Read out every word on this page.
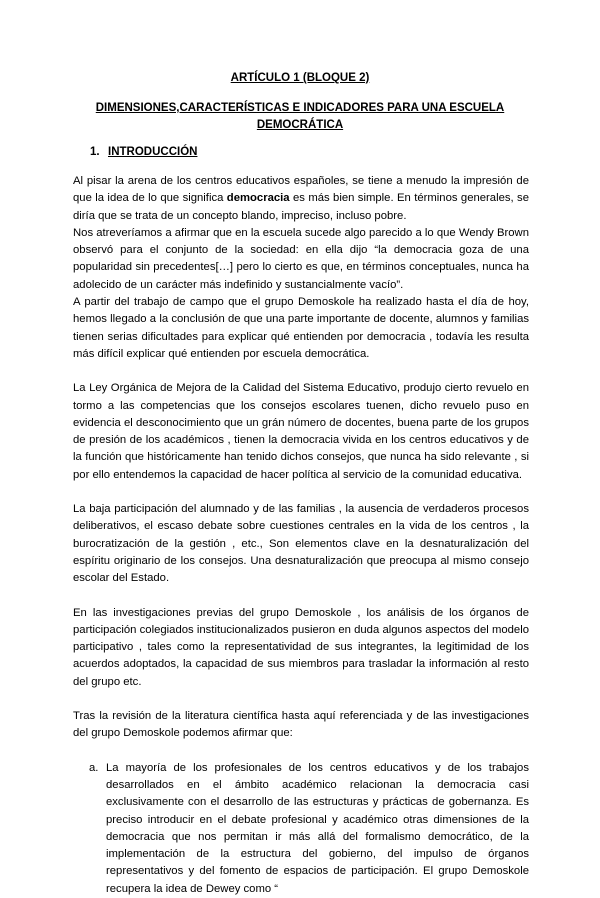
ARTÍCULO 1 (BLOQUE 2)
DIMENSIONES,CARACTERÍSTICAS E INDICADORES PARA UNA ESCUELA
DEMOCRÁTICA
1. INTRODUCCIÓN

Al pisar la arena de los centros educativos españoles, se tiene a menudo la impresión de que la idea de lo que significa democracia es más bien simple. En términos generales, se diría que se trata de un concepto blando, impreciso, incluso pobre.

Nos atreveríamos a afirmar que en la escuela sucede algo parecido a lo que Wendy Brown observó para el conjunto de la sociedad: en ella dijo “la democracia goza de una popularidad sin precedentes[…] pero lo cierto es que, en términos conceptuales, nunca ha adolecido de un carácter más indefinido y sustancialmente vacío”.

A partir del trabajo de campo que el grupo Demoskole ha realizado hasta el día de hoy, hemos llegado a la conclusión de que una parte importante de docente, alumnos y familias tienen serias dificultades para explicar qué entienden por democracia , todavía les resulta más difícil explicar qué entienden por escuela democrática.

La Ley Orgánica de Mejora de la Calidad del Sistema Educativo, produjo cierto revuelo en tormo a las competencias que los consejos escolares tuenen, dicho revuelo puso en evidencia el desconocimiento que un grán número de docentes, buena parte de los grupos de presión de los académicos , tienen la democracia vivida en los centros educativos y de la función que históricamente han tenido dichos consejos, que nunca ha sido relevante , si por ello entendemos la capacidad de hacer política al servicio de la comunidad educativa.

La baja participación del alumnado y de las familias , la ausencia de verdaderos procesos deliberativos, el escaso debate sobre cuestiones centrales en la vida de los centros , la burocratización de la gestión , etc., Son elementos clave en la desnaturalización del espíritu originario de los consejos. Una desnaturalización que preocupa al mismo consejo escolar del Estado.

En las investigaciones previas del grupo Demoskole , los análisis de los órganos de participación colegiados institucionalizados pusieron en duda algunos aspectos del modelo participativo , tales como la representatividad de sus integrantes, la legitimidad de los acuerdos adoptados, la capacidad de sus miembros para trasladar la información al resto del grupo etc.

Tras la revisión de la literatura científica hasta aquí referenciada y de las investigaciones del grupo Demoskole podemos afirmar que:

a. La mayoría de los profesionales de los centros educativos y de los trabajos desarrollados en el ámbito académico relacionan la democracia casi exclusivamente con el desarrollo de las estructuras y prácticas de gobernanza. Es preciso introducir en el debate profesional y académico otras dimensiones de la democracia que nos permitan ir más allá del formalismo democrático, de la implementación de la estructura del gobierno, del impulso de órganos representativos y del fomento de espacios de participación. El grupo Demoskole recupera la idea de Dewey como “
